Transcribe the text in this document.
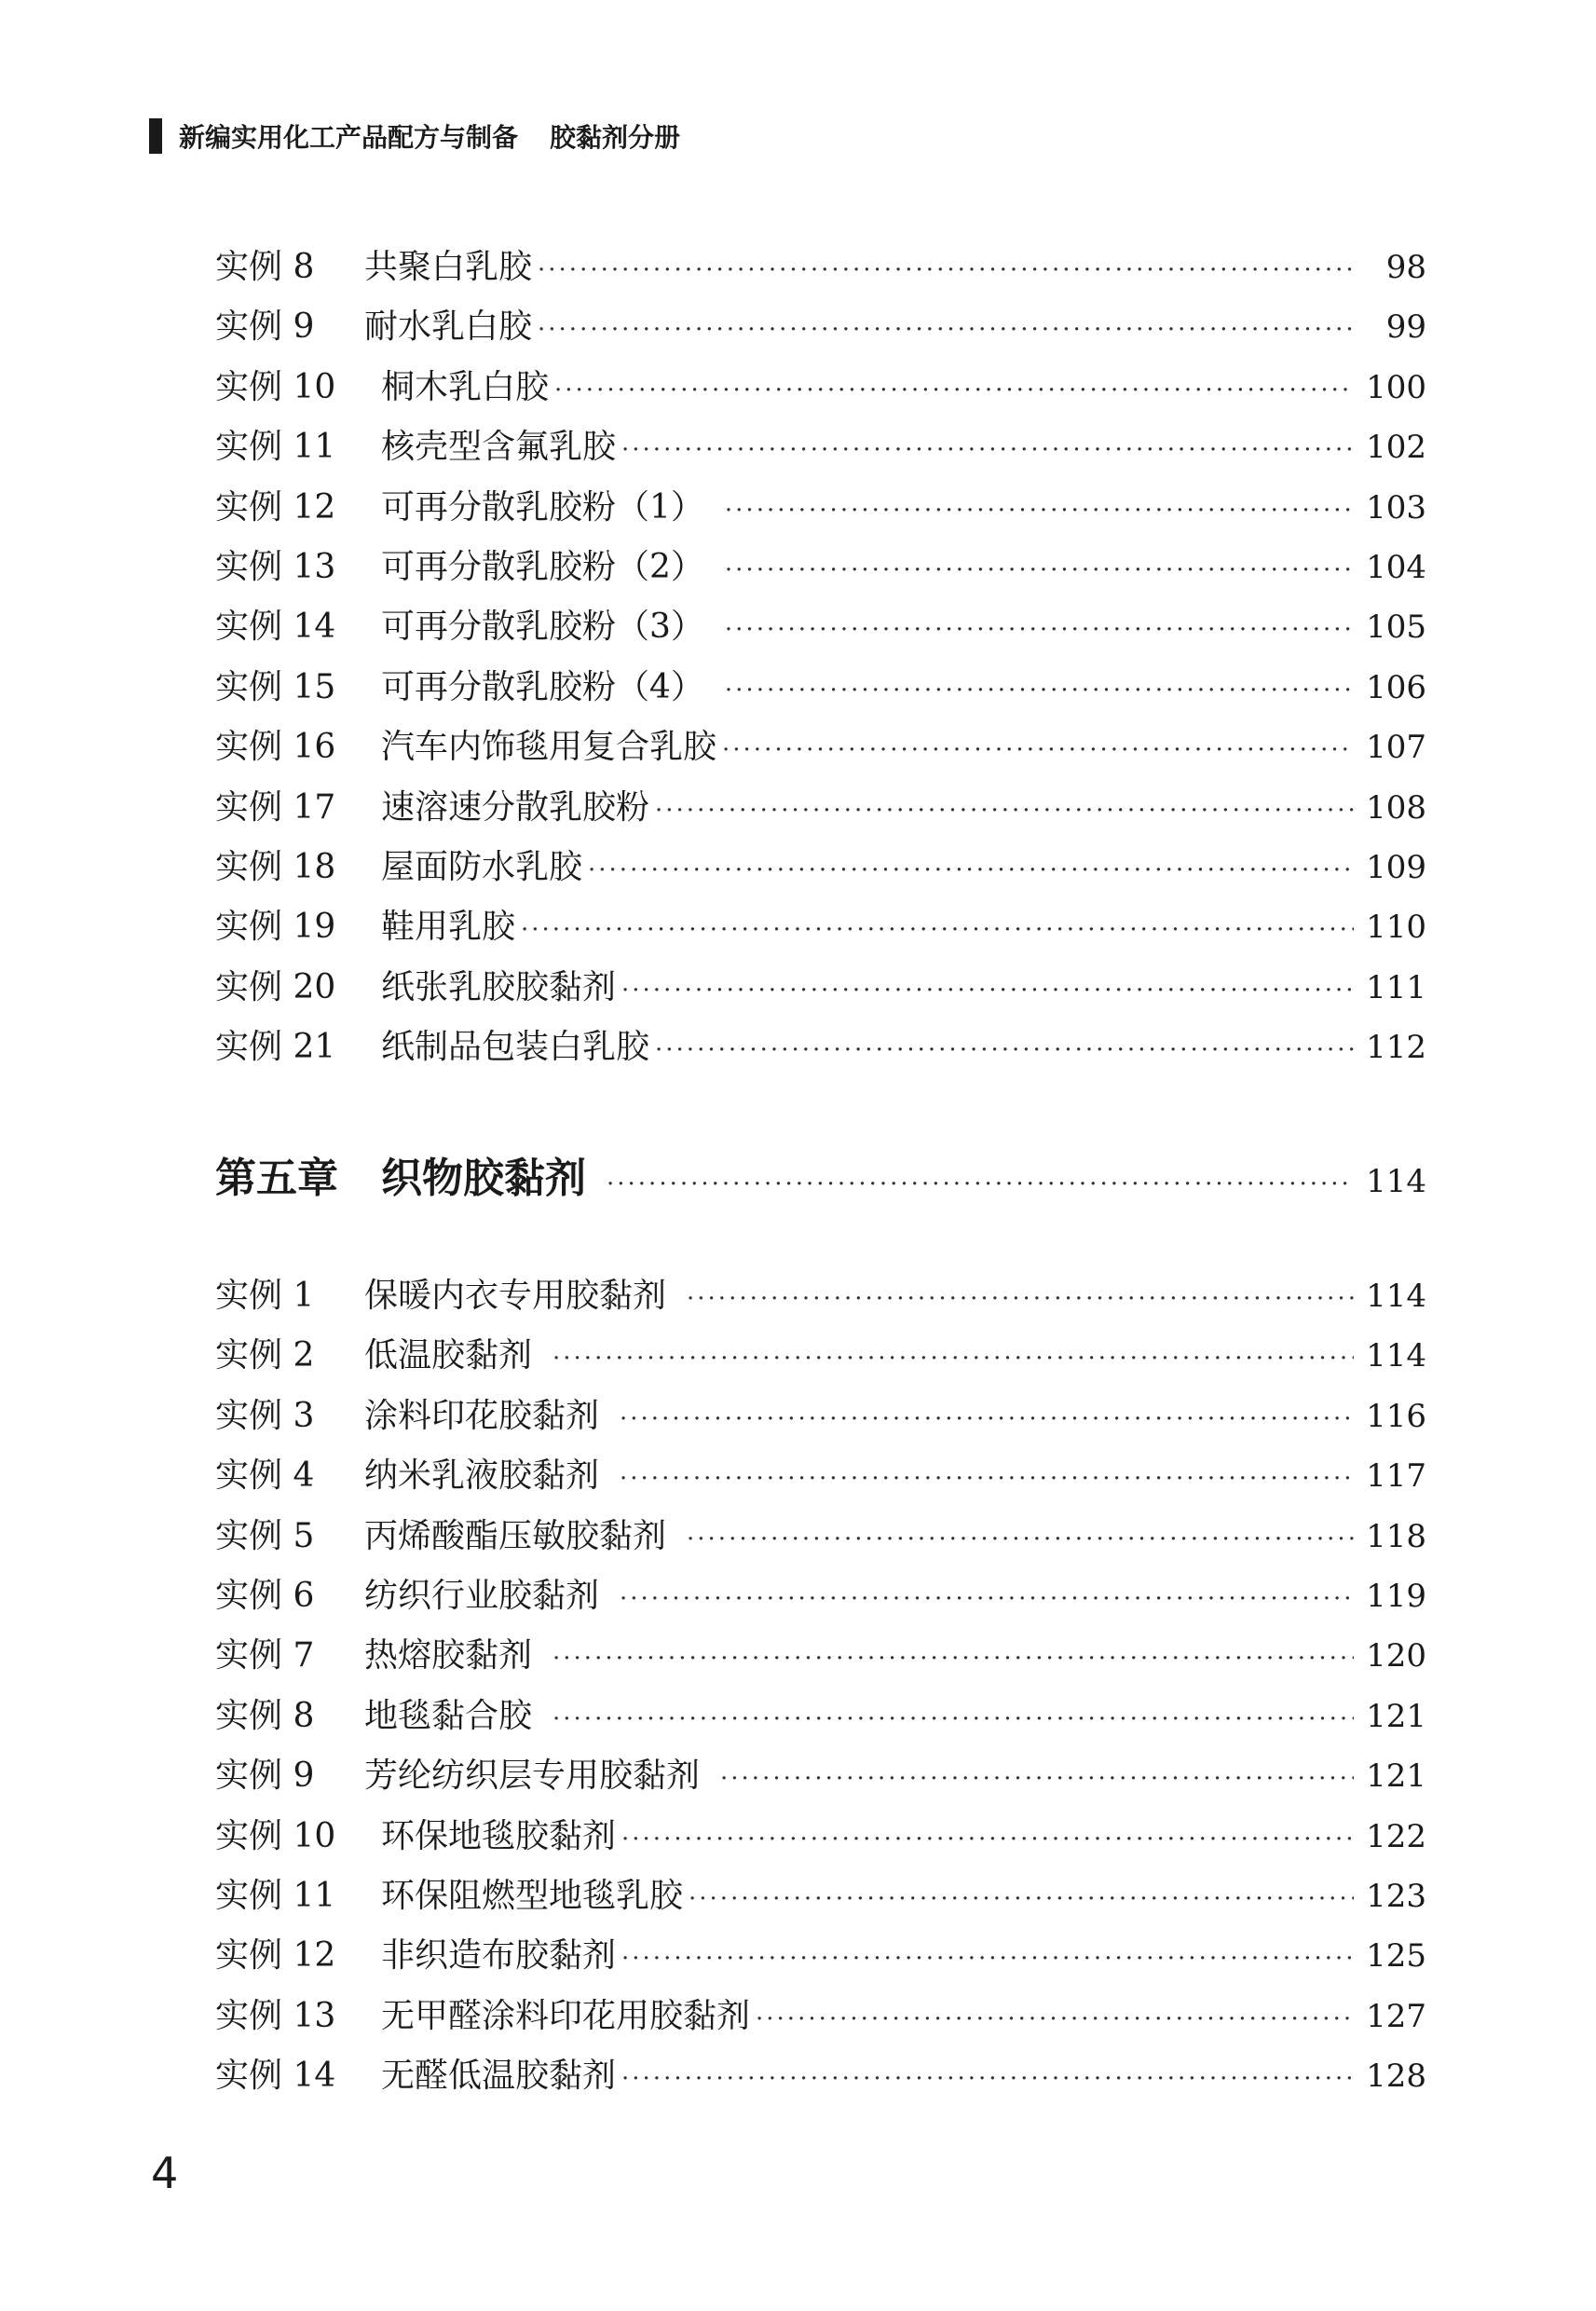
新编实用化工产品配方与制备 胶黏剂分册
实例 8	共聚白乳胶 ·····	98
实例 9	耐水乳白胶 ·····	99
实例 10	桐木乳白胶 ·····	100
实例 11	核壳型含氟乳胶 ·····	102
实例 12	可再分散乳胶粉（1） ·····	103
实例 13	可再分散乳胶粉（2） ·····	104
实例 14	可再分散乳胶粉（3） ·····	105
实例 15	可再分散乳胶粉（4） ·····	106
实例 16	汽车内饰毯用复合乳胶 ·····	107
实例 17	速溶速分散乳胶粉 ·····	108
实例 18	屋面防水乳胶 ·····	109
实例 19	鞋用乳胶 ·····	110
实例 20	纸张乳胶胶黏剂 ·····	111
实例 21	纸制品包装白乳胶 ·····	112
第五章 织物胶黏剂 ·····	114
实例 1	保暖内衣专用胶黏剂 ·····	114
实例 2	低温胶黏剂 ·····	114
实例 3	涂料印花胶黏剂 ·····	116
实例 4	纳米乳液胶黏剂 ·····	117
实例 5	丙烯酸酯压敏胶黏剂 ·····	118
实例 6	纺织行业胶黏剂 ·····	119
实例 7	热熔胶黏剂 ·····	120
实例 8	地毯黏合胶 ·····	121
实例 9	芳纶纺织层专用胶黏剂 ·····	121
实例 10	环保地毯胶黏剂 ·····	122
实例 11	环保阻燃型地毯乳胶 ·····	123
实例 12	非织造布胶黏剂 ·····	125
实例 13	无甲醛涂料印花用胶黏剂 ·····	127
实例 14	无醛低温胶黏剂 ·····	128
4
